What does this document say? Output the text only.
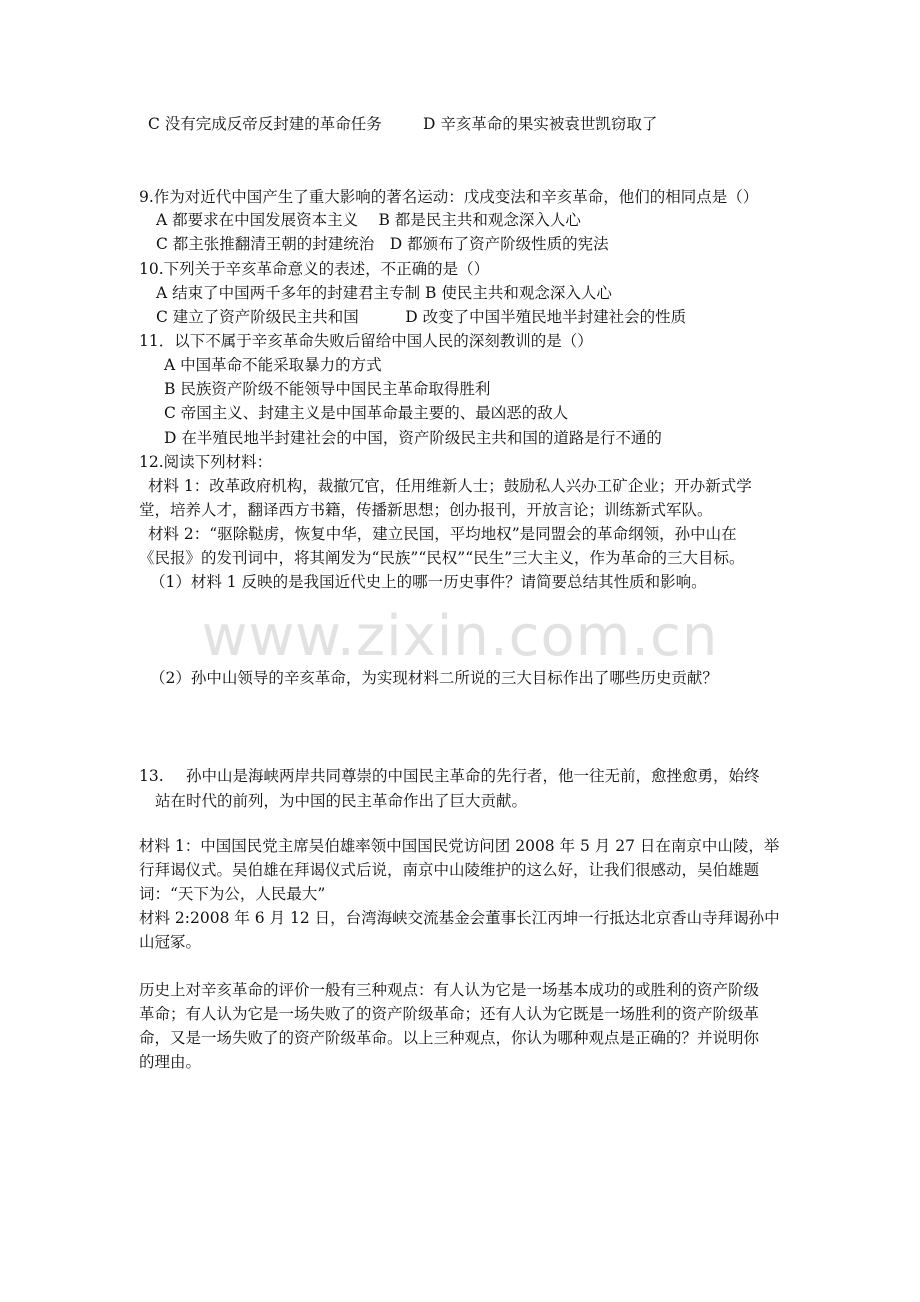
C 没有完成反帝反封建的革命任务	D 辛亥革命的果实被袁世凯窃取了
9.作为对近代中国产生了重大影响的著名运动：戊戌变法和辛亥革命，他们的相同点是（）
A 都要求在中国发展资本主义　 B 都是民主共和观念深入人心
C 都主张推翻清王朝的封建统治　D 都颁布了资产阶级性质的宪法
10.下列关于辛亥革命意义的表述，不正确的是（）
A 结束了中国两千多年的封建君主专制 B 使民主共和观念深入人心
C 建立了资产阶级民主共和国　　　D 改变了中国半殖民地半封建社会的性质
11．以下不属于辛亥革命失败后留给中国人民的深刻教训的是（）
A 中国革命不能采取暴力的方式
B 民族资产阶级不能领导中国民主革命取得胜利
C 帝国主义、封建主义是中国革命最主要的、最凶恶的敌人
D 在半殖民地半封建社会的中国，资产阶级民主共和国的道路是行不通的
12.阅读下列材料：
材料 1：改革政府机构，裁撤冗官，任用维新人士；鼓励私人兴办工矿企业；开办新式学
堂，培养人才，翻译西方书籍，传播新思想；创办报刊，开放言论；训练新式军队。
材料 2：“驱除鞑虏，恢复中华，建立民国，平均地权”是同盟会的革命纲领，孙中山在
《民报》的发刊词中，将其阐发为“民族”“民权”“民生”三大主义，作为革命的三大目标。
（1）材料 1 反映的是我国近代史上的哪一历史事件？请简要总结其性质和影响。
www.zixin.com.cn
（2）孙中山领导的辛亥革命，为实现材料二所说的三大目标作出了哪些历史贡献？
13. 孙中山是海峡两岸共同尊崇的中国民主革命的先行者，他一往无前，愈挫愈勇，始终
站在时代的前列，为中国的民主革命作出了巨大贡献。
材料 1：中国国民党主席吴伯雄率领中国国民党访问团 2008 年 5 月 27 日在南京中山陵，举
行拜谒仪式。吴伯雄在拜谒仪式后说，南京中山陵维护的这么好，让我们很感动，吴伯雄题
词：“天下为公，人民最大”
材料 2:2008 年 6 月 12 日，台湾海峡交流基金会董事长江丙坤一行抵达北京香山寺拜谒孙中
山冠冢。
历史上对辛亥革命的评价一般有三种观点：有人认为它是一场基本成功的或胜利的资产阶级
革命；有人认为它是一场失败了的资产阶级革命；还有人认为它既是一场胜利的资产阶级革
命，又是一场失败了的资产阶级革命。以上三种观点，你认为哪种观点是正确的？并说明你
的理由。
